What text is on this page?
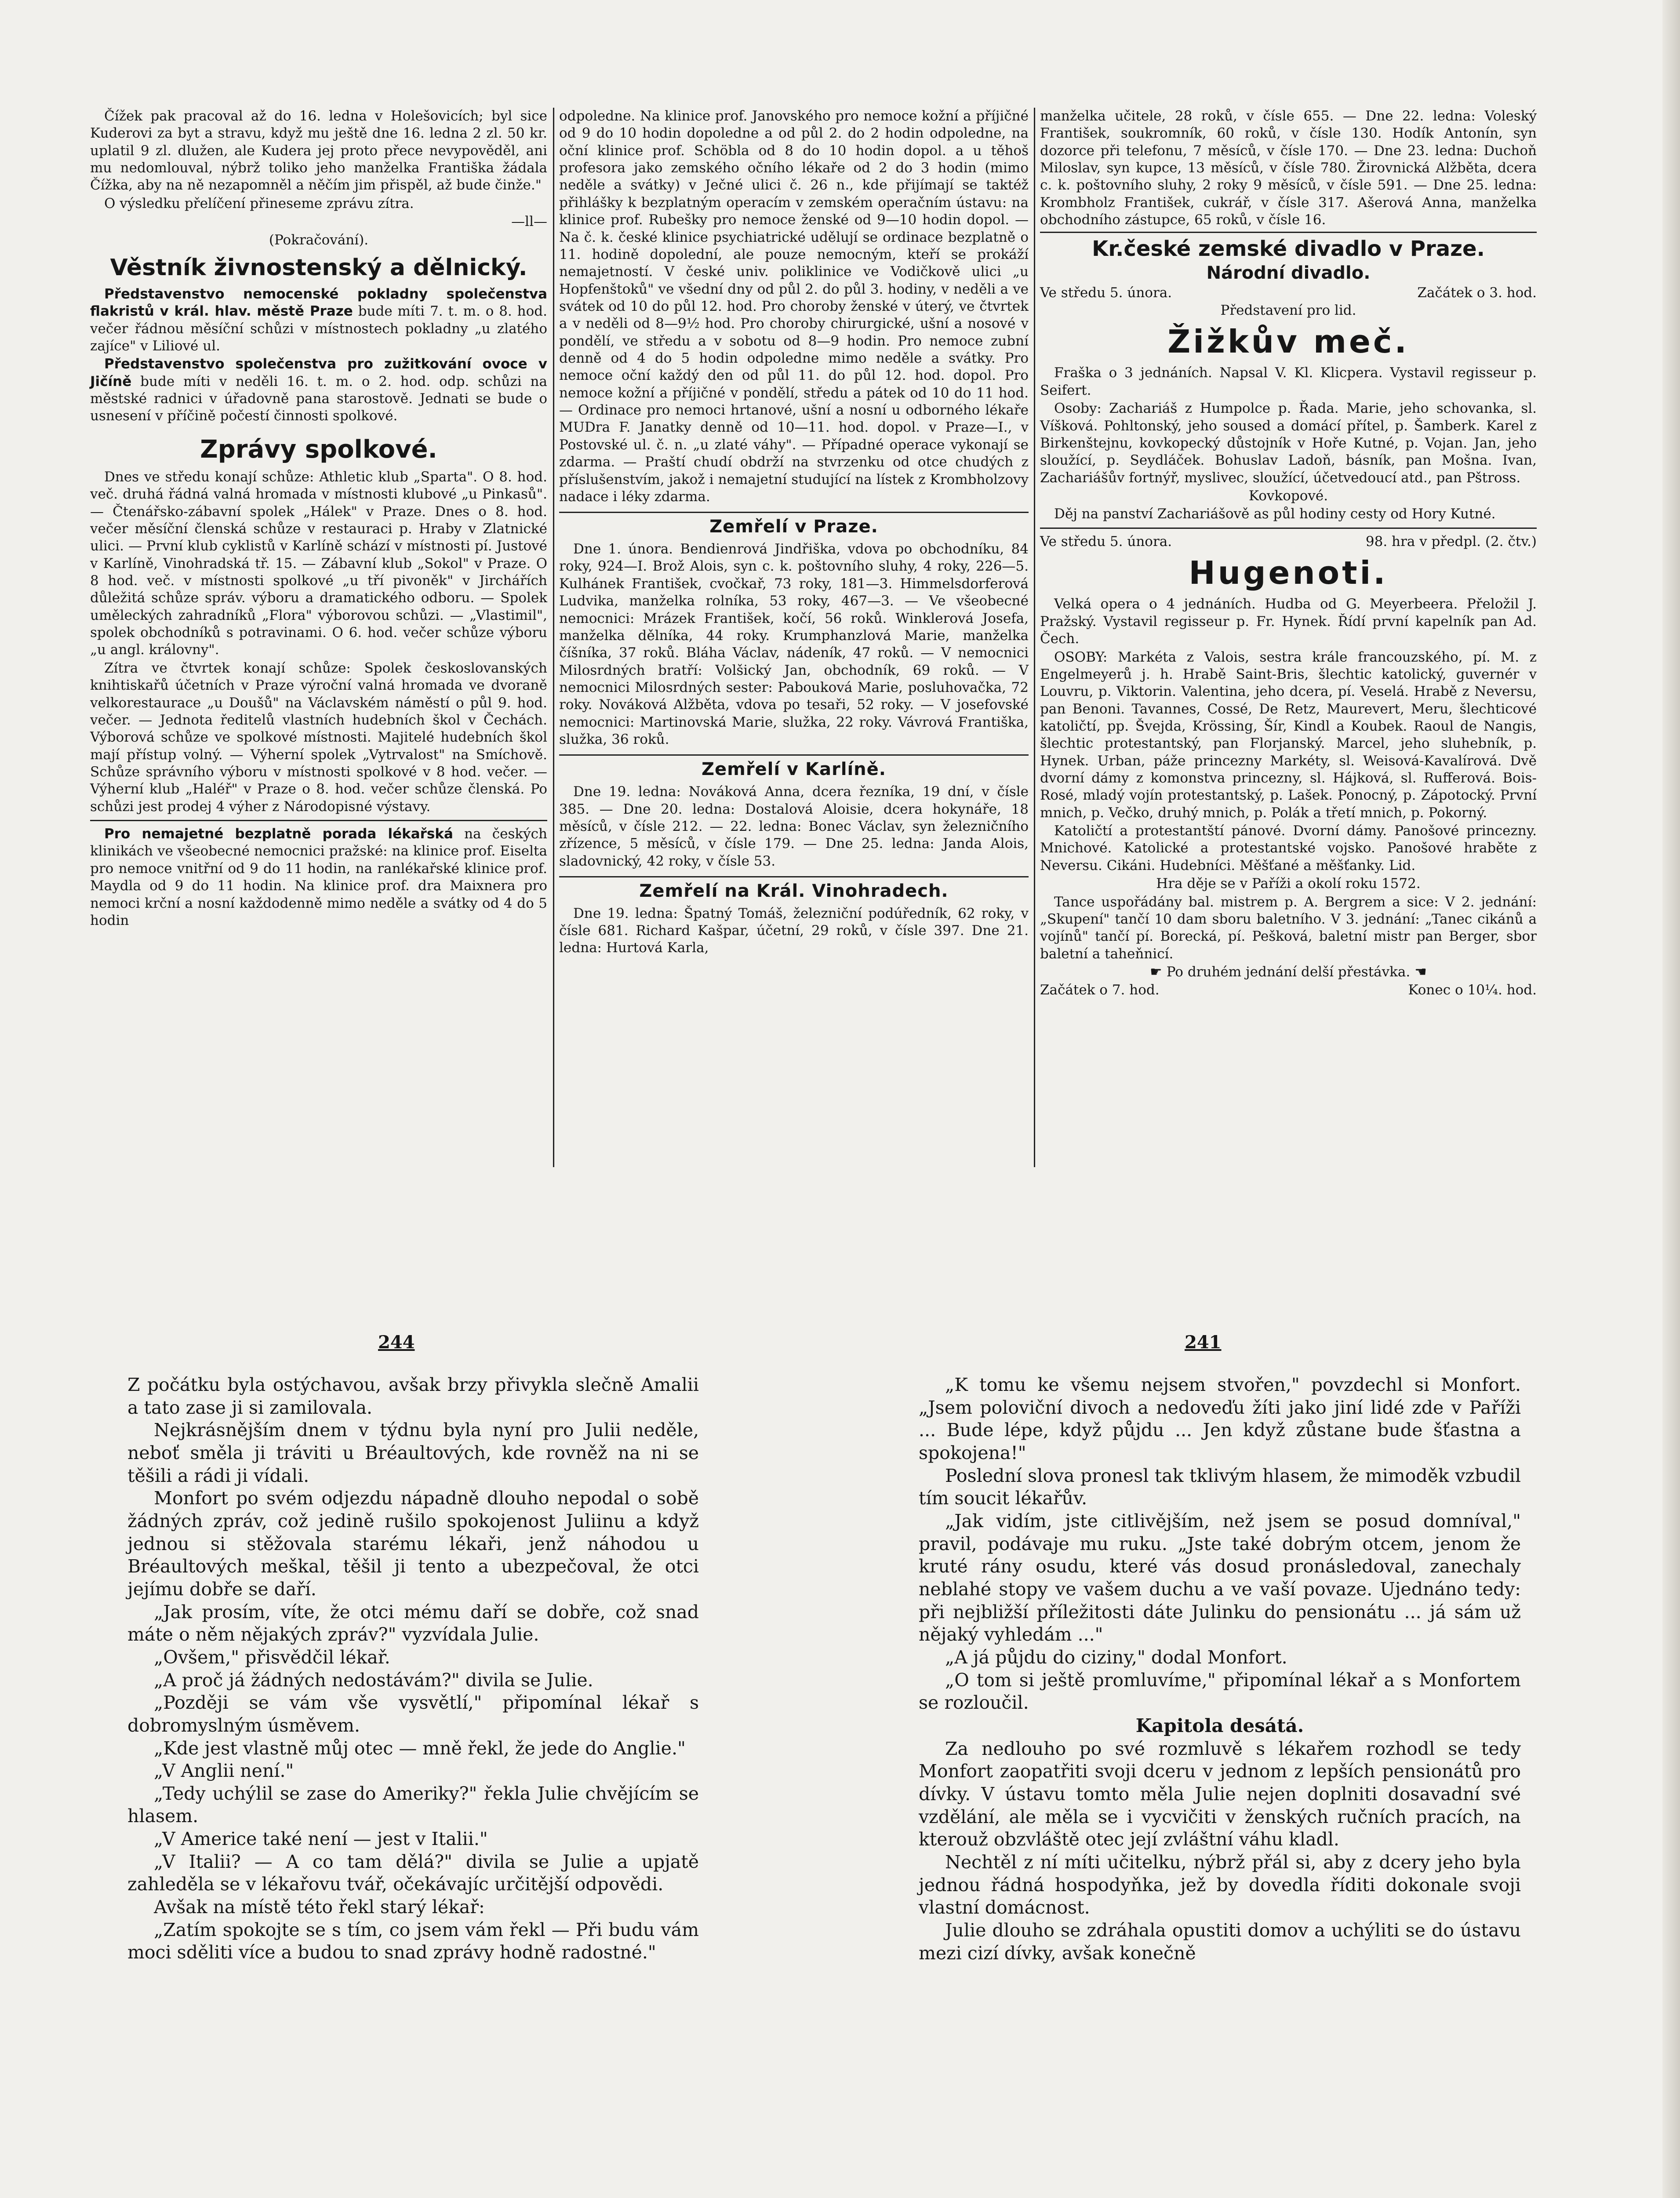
Čížek pak pracoval až do 16. ledna v Holešovicích; byl sice Kuderovi za byt a stravu, když mu ještě dne 16. ledna 2 zl. 50 kr. uplatil 9 zl. dlužen, ale Kudera jej proto přece nevypověděl, ani mu nedomlouval, nýbrž toliko jeho manželka Františka žádala Čížka, aby na ně nezapomněl a něčím jim přispěl, až bude činže."

O výsledku přelíčení přineseme zprávu zítra.

—ll—

(Pokračování).

Věstník živnostenský a dělnický.

Představenstvo nemocenské pokladny společenstva flakristů v král. hlav. městě Praze bude míti 7. t. m. o 8. hod. večer řádnou měsíční schůzi v místnostech pokladny „u zlatého zajíce" v Liliové ul.

Představenstvo společenstva pro zužitkování ovoce v Jičíně bude míti v neděli 16. t. m. o 2. hod. odp. schůzi na městské radnici v úřadovně pana starostově. Jednati se bude o usnesení v příčině počestí činnosti spolkové.

Zprávy spolkové.

Dnes ve středu konají schůze: Athletic klub „Sparta". O 8. hod. več. druhá řádná valná hromada v místnosti klubové „u Pinkasů". — Čtenářsko-zábavní spolek „Hálek" v Praze. Dnes o 8. hod. večer měsíční členská schůze v restauraci p. Hraby v Zlatnické ulici. — První klub cyklistů v Karlíně schází v místnosti pí. Justové v Karlíně, Vinohradská tř. 15. — Zábavní klub „Sokol" v Praze. O 8 hod. več. v místnosti spolkové „u tří pivoněk" v Jirchářích důležitá schůze správ. výboru a dramatického odboru. — Spolek uměleckých zahradníků „Flora" výborovou schůzi. — „Vlastimil", spolek obchodníků s potravinami. O 6. hod. večer schůze výboru „u angl. královny".

Zítra ve čtvrtek konají schůze: Spolek českoslovanských knihtiskařů účetních v Praze výroční valná hromada ve dvoraně velkorestaurace „u Doušů" na Václavském náměstí o půl 9. hod. večer. — Jednota ředitelů vlastních hudebních škol v Čechách. Výborová schůze ve spolkové místnosti. Majitelé hudebních škol mají přístup volný. — Výherní spolek „Vytrvalost" na Smíchově. Schůze správního výboru v místnosti spolkové v 8 hod. večer. — Výherní klub „Haléř" v Praze o 8. hod. večer schůze členská. Po schůzi jest prodej 4 výher z Národopisné výstavy.

Pro nemajetné bezplatně porada lékařská na českých klinikách ve všeobecné nemocnici pražské: na klinice prof. Eiselta pro nemoce vnitřní od 9 do 11 hodin, na ranlékařské klinice prof. Maydla od 9 do 11 hodin. Na klinice prof. dra Maixnera pro nemoci krční a nosní každodenně mimo neděle a svátky od 4 do 5 hodin

odpoledne. Na klinice prof. Janovského pro nemoce kožní a příjičné od 9 do 10 hodin dopoledne a od půl 2. do 2 hodin odpoledne, na oční klinice prof. Schöbla od 8 do 10 hodin dopol. a u těhoš profesora jako zemského očního lékaře od 2 do 3 hodin (mimo neděle a svátky) v Ječné ulici č. 26 n., kde přijímají se taktéž přihlášky k bezplatným operacím v zemském operačním ústavu: na klinice prof. Rubešky pro nemoce ženské od 9—10 hodin dopol. — Na č. k. české klinice psychiatrické udělují se ordinace bezplatně o 11. hodině dopolední, ale pouze nemocným, kteří se prokáží nemajetností. V české univ. poliklinice ve Vodičkově ulici „u Hopfenštoků" ve všední dny od půl 2. do půl 3. hodiny, v neděli a ve svátek od 10 do půl 12. hod. Pro choroby ženské v úterý, ve čtvrtek a v neděli od 8—9½ hod. Pro choroby chirurgické, ušní a nosové v pondělí, ve středu a v sobotu od 8—9 hodin. Pro nemoce zubní denně od 4 do 5 hodin odpoledne mimo neděle a svátky. Pro nemoce oční každý den od půl 11. do půl 12. hod. dopol. Pro nemoce kožní a příjičné v pondělí, středu a pátek od 10 do 11 hod. — Ordinace pro nemoci hrtanové, ušní a nosní u odborného lékaře MUDra F. Janatky denně od 10—11. hod. dopol. v Praze—I., v Postovské ul. č. n. „u zlaté váhy". — Případné operace vykonají se zdarma. — Praští chudí obdrží na stvrzenku od otce chudých z příslušenstvím, jakož i nemajetní studující na lístek z Krombholzovy nadace i léky zdarma.

Zemřelí v Praze.

Dne 1. února. Bendienrová Jindřiška, vdova po obchodníku, 84 roky, 924—I. Brož Alois, syn c. k. poštovního sluhy, 4 roky, 226—5. Kulhánek František, cvočkař, 73 roky, 181—3. Himmelsdorferová Ludvika, manželka rolníka, 53 roky, 467—3. — Ve všeobecné nemocnici: Mrázek František, kočí, 56 roků. Winklerová Josefa, manželka dělníka, 44 roky. Krumphanzlová Marie, manželka číšníka, 37 roků. Bláha Václav, nádeník, 47 roků. — V nemocnici Milosrdných bratří: Volšický Jan, obchodník, 69 roků. — V nemocnici Milosrdných sester: Pabouková Marie, posluhovačka, 72 roky. Nováková Alžběta, vdova po tesaři, 52 roky. — V josefovské nemocnici: Martinovská Marie, služka, 22 roky. Vávrová Františka, služka, 36 roků.

Zemřelí v Karlíně.

Dne 19. ledna: Nováková Anna, dcera řezníka, 19 dní, v čísle 385. — Dne 20. ledna: Dostalová Aloisie, dcera hokynáře, 18 měsíců, v čísle 212. — 22. ledna: Bonec Václav, syn železničního zřízence, 5 měsíců, v čísle 179. — Dne 25. ledna: Janda Alois, sladovnický, 42 roky, v čísle 53.

Zemřelí na Král. Vinohradech.

Dne 19. ledna: Špatný Tomáš, železniční podúředník, 62 roky, v čísle 681. Richard Kašpar, účetní, 29 roků, v čísle 397. Dne 21. ledna: Hurtová Karla,

manželka učitele, 28 roků, v čísle 655. — Dne 22. ledna: Voleský František, soukromník, 60 roků, v čísle 130. Hodík Antonín, syn dozorce při telefonu, 7 měsíců, v čísle 170. — Dne 23. ledna: Duchoň Miloslav, syn kupce, 13 měsíců, v čísle 780. Žirovnická Alžběta, dcera c. k. poštovního sluhy, 2 roky 9 měsíců, v čísle 591. — Dne 25. ledna: Krombholz František, cukrář, v čísle 317. Ašerová Anna, manželka obchodního zástupce, 65 roků, v čísle 16.

Kr.české zemské divadlo v Praze.
Národní divadlo.
Ve středu 5. února.	Začátek o 3. hod.

Představení pro lid.

Žižkův meč.

Fraška o 3 jednáních. Napsal V. Kl. Klicpera. Vystavil regisseur p. Seifert.

Osoby: Zachariáš z Humpolce p. Řada. Marie, jeho schovanka, sl. Víšková. Pohltonský, jeho soused a domácí přítel, p. Šamberk. Karel z Birkenštejnu, kovkopecký důstojník v Hoře Kutné, p. Vojan. Jan, jeho sloužící, p. Seydláček. Bohuslav Ladoň, básník, pan Mošna. Ivan, Zachariášův fortnýř, myslivec, sloužící, účetvedoucí atd., pan Pštross.

Kovkopové.

Děj na panství Zachariášově as půl hodiny cesty od Hory Kutné.

Ve středu 5. února.	98. hra v předpl. (2. čtv.)
Hugenoti.

Velká opera o 4 jednáních. Hudba od G. Meyerbeera. Přeložil J. Pražský. Vystavil regisseur p. Fr. Hynek. Řídí první kapelník pan Ad. Čech.

OSOBY: Markéta z Valois, sestra krále francouzského, pí. M. z Engelmeyerů j. h. Hrabě Saint-Bris, šlechtic katolický, guvernér v Louvru, p. Viktorin. Valentina, jeho dcera, pí. Veselá. Hrabě z Neversu, pan Benoni. Tavannes, Cossé, De Retz, Maurevert, Meru, šlechticové katoličtí, pp. Švejda, Krössing, Šír, Kindl a Koubek. Raoul de Nangis, šlechtic protestantský, pan Florjanský. Marcel, jeho sluhebník, p. Hynek. Urban, páže princezny Markéty, sl. Weisová-Kavalírová. Dvě dvorní dámy z komonstva princezny, sl. Hájková, sl. Rufferová. Bois-Rosé, mladý vojín protestantský, p. Lašek. Ponocný, p. Zápotocký. První mnich, p. Večko, druhý mnich, p. Polák a třetí mnich, p. Pokorný.

Katoličtí a protestantští pánové. Dvorní dámy. Panošové princezny. Mnichové. Katolické a protestantské vojsko. Panošové hraběte z Neversu. Cikáni. Hudebníci. Měšťané a měšťanky. Lid.

Hra děje se v Paříži a okolí roku 1572.

Tance uspořádány bal. mistrem p. A. Bergrem a sice: V 2. jednání: „Skupení" tančí 10 dam sboru baletního. V 3. jednání: „Tanec cikánů a vojínů" tančí pí. Borecká, pí. Pešková, baletní mistr pan Berger, sbor baletní a taheňnicí.

☛ Po druhém jednání delší přestávka. ☚

Začátek o 7. hod.	Konec o 10¼. hod.
244	241

Z počátku byla ostýchavou, avšak brzy přivykla slečně Amalii a tato zase ji si zamilovala.

Nejkrásnějším dnem v týdnu byla nyní pro Julii neděle, neboť směla ji tráviti u Bréaultových, kde rovněž na ni se těšili a rádi ji vídali.

Monfort po svém odjezdu nápadně dlouho nepodal o sobě žádných zpráv, což jedině rušilo spokojenost Juliinu a když jednou si stěžovala starému lékaři, jenž náhodou u Bréaultových meškal, těšil ji tento a ubezpečoval, že otci jejímu dobře se daří.

„Jak prosím, víte, že otci mému daří se dobře, což snad máte o něm nějakých zpráv?" vyzvídala Julie.

„Ovšem," přisvědčil lékař.

„A proč já žádných nedostávám?" divila se Julie.

„Později se vám vše vysvětlí," připomínal lékař s dobromyslným úsměvem.

„Kde jest vlastně můj otec — mně řekl, že jede do Anglie."

„V Anglii není."

„Tedy uchýlil se zase do Ameriky?" řekla Julie chvějícím se hlasem.

„V Americe také není — jest v Italii."

„V Italii? — A co tam dělá?" divila se Julie a upjatě zahleděla se v lékařovu tvář, očekávajíc určitější odpovědi.

Avšak na místě této řekl starý lékař:

„Zatím spokojte se s tím, co jsem vám řekl — Při budu vám moci sděliti více a budou to snad zprávy hodně radostné."

„K tomu ke všemu nejsem stvořen," povzdechl si Monfort. „Jsem poloviční divoch a nedoveďu žíti jako jiní lidé zde v Paříži ... Bude lépe, když půjdu ... Jen když zůstane bude šťastna a spokojena!"

Poslední slova pronesl tak tklivým hlasem, že mimoděk vzbudil tím soucit lékařův.

„Jak vidím, jste citlivějším, než jsem se posud domníval," pravil, podávaje mu ruku. „Jste také dobrým otcem, jenom že kruté rány osudu, které vás dosud pronásledoval, zanechaly neblahé stopy ve vašem duchu a ve vaší povaze. Ujednáno tedy: při nejbližší příležitosti dáte Julinku do pensionátu ... já sám už nějaký vyhledám ..."

„A já půjdu do ciziny," dodal Monfort.

„O tom si ještě promluvíme," připomínal lékař a s Monfortem se rozloučil.

Kapitola desátá.

Za nedlouho po své rozmluvě s lékařem rozhodl se tedy Monfort zaopatřiti svoji dceru v jednom z lepších pensionátů pro dívky. V ústavu tomto měla Julie nejen doplniti dosavadní své vzdělání, ale měla se i vycvičiti v ženských ručních pracích, na kterouž obzvláště otec její zvláštní váhu kladl.

Nechtěl z ní míti učitelku, nýbrž přál si, aby z dcery jeho byla jednou řádná hospodyňka, jež by dovedla říditi dokonale svoji vlastní domácnost.

Julie dlouho se zdráhala opustiti domov a uchýliti se do ústavu mezi cizí dívky, avšak konečně
